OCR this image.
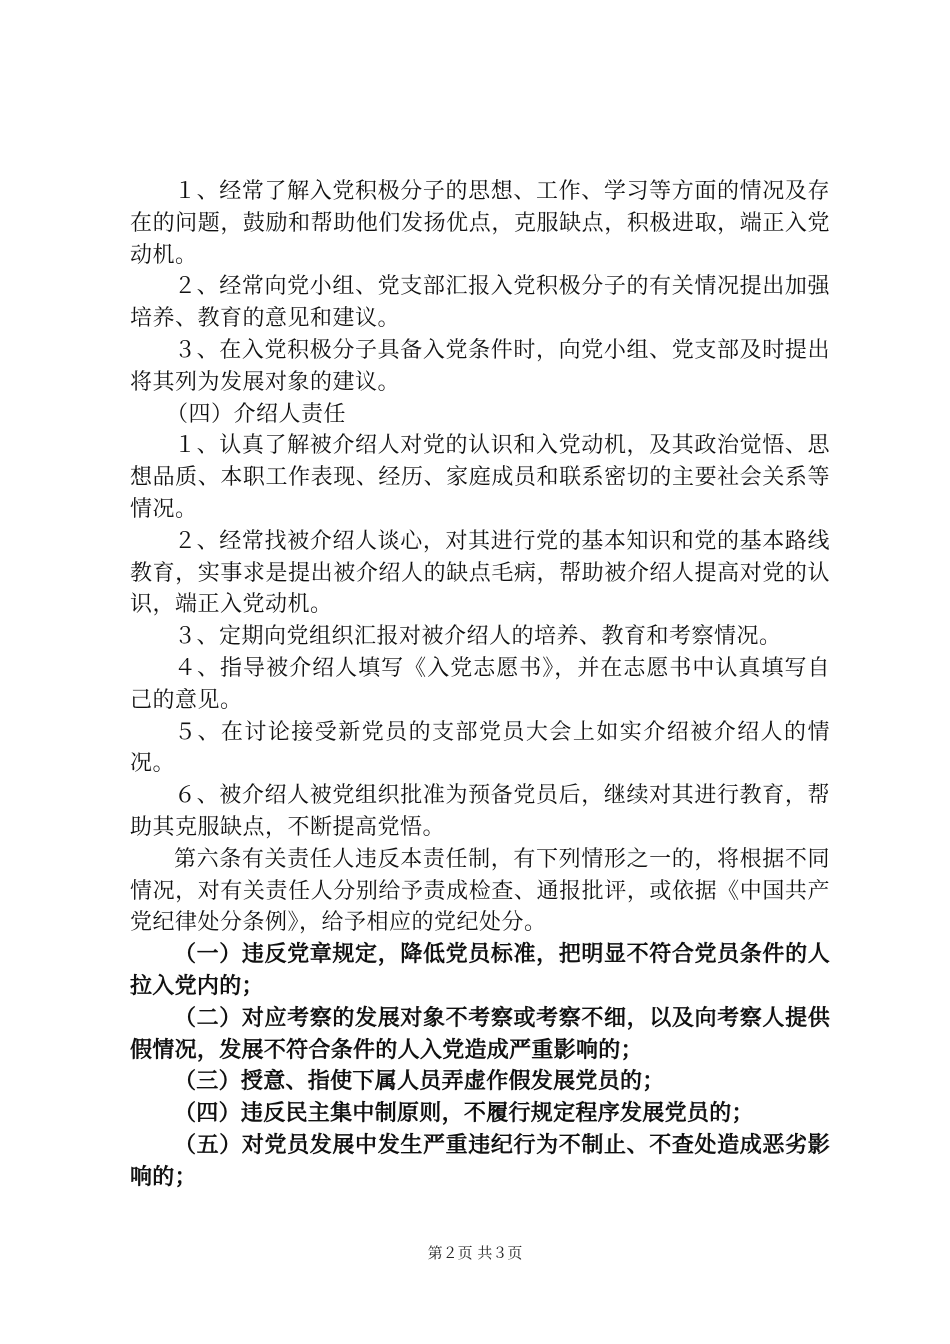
１、经常了解入党积极分子的思想、工作、学习等方面的情况及存在的问题，鼓励和帮助他们发扬优点，克服缺点，积极进取，端正入党动机。

２、经常向党小组、党支部汇报入党积极分子的有关情况提出加强培养、教育的意见和建议。

３、在入党积极分子具备入党条件时，向党小组、党支部及时提出将其列为发展对象的建议。

（四）介绍人责任

１、认真了解被介绍人对党的认识和入党动机，及其政治觉悟、思想品质、本职工作表现、经历、家庭成员和联系密切的主要社会关系等情况。

２、经常找被介绍人谈心，对其进行党的基本知识和党的基本路线教育，实事求是提出被介绍人的缺点毛病，帮助被介绍人提高对党的认识，端正入党动机。

３、定期向党组织汇报对被介绍人的培养、教育和考察情况。

４、指导被介绍人填写《入党志愿书》，并在志愿书中认真填写自己的意见。

５、在讨论接受新党员的支部党员大会上如实介绍被介绍人的情况。

６、被介绍人被党组织批准为预备党员后，继续对其进行教育，帮助其克服缺点，不断提高党悟。

第六条有关责任人违反本责任制，有下列情形之一的，将根据不同情况，对有关责任人分别给予责成检查、通报批评，或依据《中国共产党纪律处分条例》，给予相应的党纪处分。

（一）违反党章规定，降低党员标准，把明显不符合党员条件的人拉入党内的；

（二）对应考察的发展对象不考察或考察不细，以及向考察人提供假情况，发展不符合条件的人入党造成严重影响的；

（三）授意、指使下属人员弄虚作假发展党员的；

（四）违反民主集中制原则，不履行规定程序发展党员的；

（五）对党员发展中发生严重违纪行为不制止、不查处造成恶劣影响的；

第２页 共３页
